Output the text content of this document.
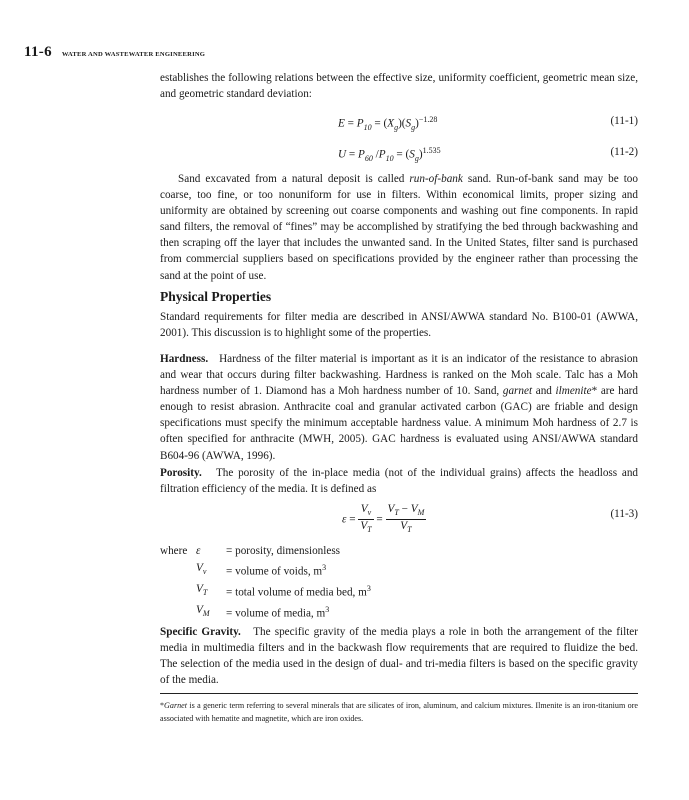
11-6 WATER AND WASTEWATER ENGINEERING
establishes the following relations between the effective size, uniformity coefficient, geometric mean size, and geometric standard deviation:
$E = P_{10} = (X_g)(S_g)^{-1.28}$	(11-1)
$U = P_{60}$ $/P_{10} = (S_g)^{1.535}$	(11-2)
Sand excavated from a natural deposit is called run-of-bank sand. Run-of-bank sand may be too coarse, too fine, or too nonuniform for use in filters. Within economical limits, proper sizing and uniformity are obtained by screening out coarse components and washing out fine components. In rapid sand filters, the removal of “fines” may be accomplished by stratifying the bed through backwashing and then scraping off the layer that includes the unwanted sand. In the United States, filter sand is purchased from commercial suppliers based on specifications provided by the engineer rather than processing the sand at the point of use.
Physical Properties
Standard requirements for filter media are described in ANSI/AWWA standard No. B100-01 (AWWA, 2001). This discussion is to highlight some of the properties.
Hardness. Hardness of the filter material is important as it is an indicator of the resistance to abrasion and wear that occurs during filter backwashing. Hardness is ranked on the Moh scale. Talc has a Moh hardness number of 1. Diamond has a Moh hardness number of 10. Sand, garnet and ilmenite* are hard enough to resist abrasion. Anthracite coal and granular activated carbon (GAC) are friable and design specifications must specify the minimum acceptable hardness value. A minimum Moh hardness of 2.7 is often specified for anthracite (MWH, 2005). GAC hardness is evaluated using ANSI/AWWA standard B604-96 (AWWA, 1996).
Porosity. The porosity of the in-place media (not of the individual grains) affects the headloss and filtration efficiency of the media. It is defined as
$\varepsilon = \frac{V_v}{V_T} = \frac{V_T - V_M}{V_T}$	(11-3)
where ε	= porosity, dimensionless
$V_v$	= volume of voids, $m^3$
$V_T$	= total volume of media bed, $m^3$
$V_M$	= volume of media, $m^3$
Specific Gravity. The specific gravity of the media plays a role in both the arrangement of the filter media in multimedia filters and in the backwash flow requirements that are required to fluidize the bed. The selection of the media used in the design of dual- and tri-media filters is based on the specific gravity of the media.
*Garnet is a generic term referring to several minerals that are silicates of iron, aluminum, and calcium mixtures. Ilmenite is an iron-titanium ore associated with hematite and magnetite, which are iron oxides.
